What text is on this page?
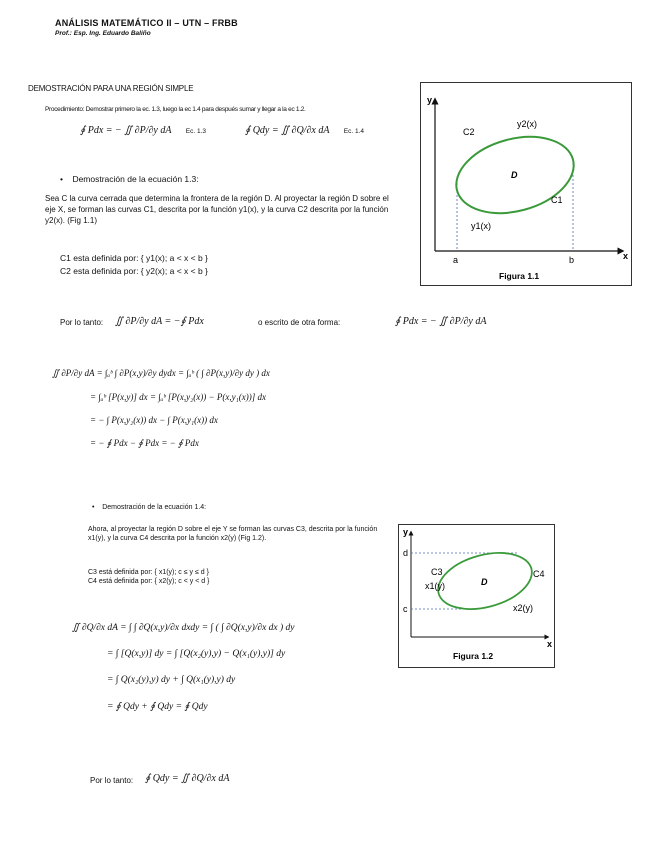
ANÁLISIS MATEMÁTICO II – UTN – FRBB
Prof.: Esp. Ing. Eduardo Baliño
DEMOSTRACIÓN PARA UNA REGIÓN SIMPLE
Procedimiento: Demostrar primero la ec. 1.3, luego la ec 1.4 para después sumar y llegar a la ec 1.2.
∮ Pdx = − ∬ ∂P/∂y dA Ec. 1.3	∮ Qdy = ∬ ∂Q/∂x dA Ec. 1.4
•    Demostración de la ecuación 1.3:
Sea C la curva cerrada que determina la frontera de la región D. Al proyectar la región D sobre el eje X, se forman las curvas C1, descrita por la función y1(x), y la curva C2 descrita por la función y2(x). (Fig 1.1)
C1 esta definida por: { y1(x); a < x < b }
C2 esta definida por: { y2(x); a < x < b }
Por lo tanto: ∬ ∂P/∂y dA = −∮ Pdx	o escrito de otra forma:	∮ Pdx = − ∬ ∂P/∂y dA
∬ ∂P/∂y dA = ∫ₐᵇ ∫ ∂P(x,y)/∂y dydx = ∫ₐᵇ ( ∫ ∂P(x,y)/∂y dy ) dx
= ∫ₐᵇ [P(x,y)] dx = ∫ₐᵇ [P(x,y₂(x)) − P(x,y₁(x))] dx
= − ∫ P(x,y₂(x)) dx − ∫ P(x,y₁(x)) dx
= − ∮ Pdx − ∮ Pdx = − ∮ Pdx
•    Demostración de la ecuación 1.4:
Ahora, al proyectar la región D sobre el eje Y se forman las curvas C3, descrita por la función x1(y), y la curva C4 descrita por la función x2(y) (Fig 1.2).
C3 está definida por: { x1(y); c ≤ y ≤ d }
C4 está definida por: { x2(y); c < y < d }
∬ ∂Q/∂x dA = ∫ ∫ ∂Q(x,y)/∂x dxdy = ∫ ( ∫ ∂Q(x,y)/∂x dx ) dy
= ∫ [Q(x,y)] dy = ∫ [Q(x₂(y),y) − Q(x₁(y),y)] dy
= ∫ Q(x₂(y),y) dy + ∫ Q(x₁(y),y) dy
= ∮ Qdy + ∮ Qdy = ∮ Qdy
Por lo tanto: ∮ Qdy = ∬ ∂Q/∂x dA
y
x
C2
y2(x)
D
C1
y1(x)
a	b
Figura 1.1
y
x
d
c
C3
x1(y)	D
C4
x2(y)
Figura 1.2
